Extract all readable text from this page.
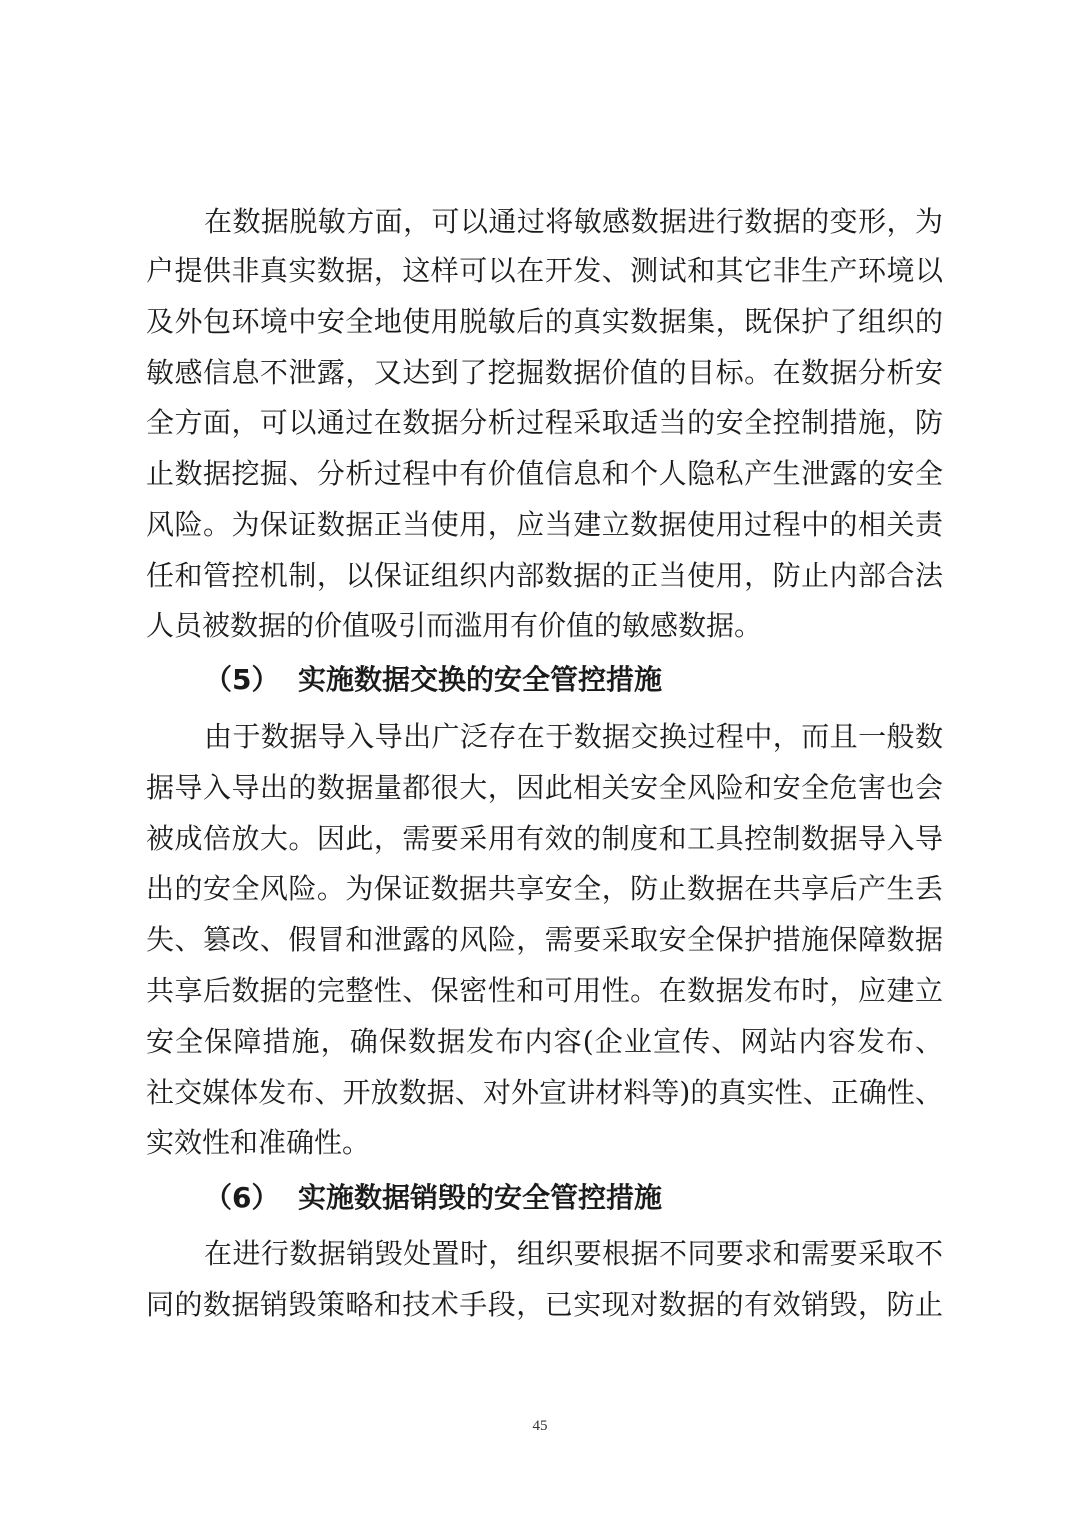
在数据脱敏方面，可以通过将敏感数据进行数据的变形，为
户提供非真实数据，这样可以在开发、测试和其它非生产环境以
及外包环境中安全地使用脱敏后的真实数据集，既保护了组织的
敏感信息不泄露，又达到了挖掘数据价值的目标。在数据分析安
全方面，可以通过在数据分析过程采取适当的安全控制措施，防
止数据挖掘、分析过程中有价值信息和个人隐私产生泄露的安全
风险。为保证数据正当使用，应当建立数据使用过程中的相关责
任和管控机制，以保证组织内部数据的正当使用，防止内部合法
人员被数据的价值吸引而滥用有价值的敏感数据。
（5） 实施数据交换的安全管控措施
由于数据导入导出广泛存在于数据交换过程中，而且一般数
据导入导出的数据量都很大，因此相关安全风险和安全危害也会
被成倍放大。因此，需要采用有效的制度和工具控制数据导入导
出的安全风险。为保证数据共享安全，防止数据在共享后产生丢
失、篡改、假冒和泄露的风险，需要采取安全保护措施保障数据
共享后数据的完整性、保密性和可用性。在数据发布时，应建立
安全保障措施，确保数据发布内容(企业宣传、网站内容发布、
社交媒体发布、开放数据、对外宣讲材料等)的真实性、正确性、
实效性和准确性。
（6） 实施数据销毁的安全管控措施
在进行数据销毁处置时，组织要根据不同要求和需要采取不
同的数据销毁策略和技术手段，已实现对数据的有效销毁，防止
45
